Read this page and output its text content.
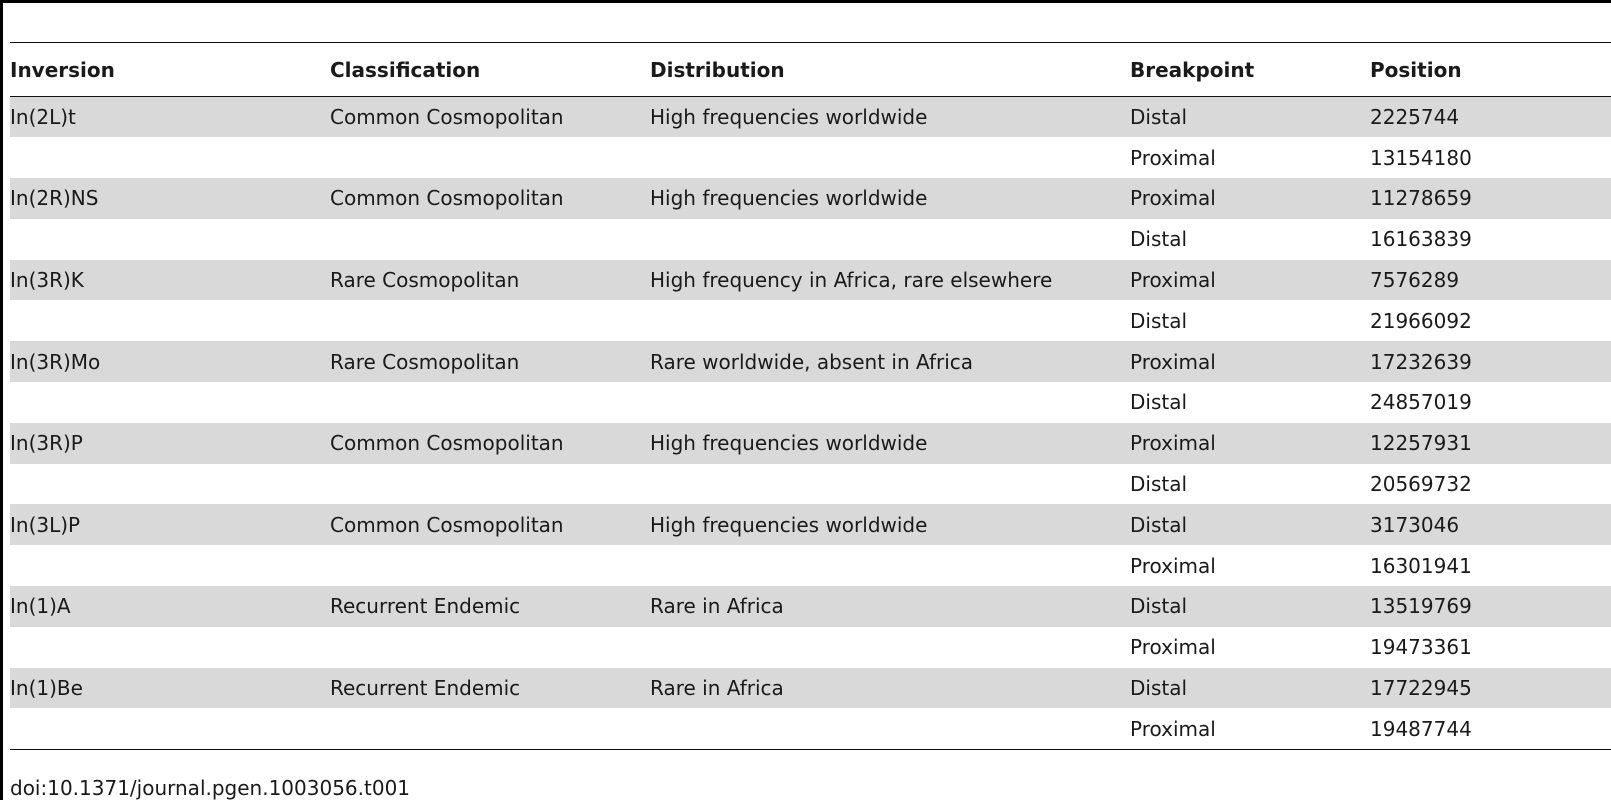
Inversion	Classification	Distribution	Breakpoint	Position
In(2L)t	Common Cosmopolitan	High frequencies worldwide	Distal	2225744
			Proximal	13154180
In(2R)NS	Common Cosmopolitan	High frequencies worldwide	Proximal	11278659
			Distal	16163839
In(3R)K	Rare Cosmopolitan	High frequency in Africa, rare elsewhere	Proximal	7576289
			Distal	21966092
In(3R)Mo	Rare Cosmopolitan	Rare worldwide, absent in Africa	Proximal	17232639
			Distal	24857019
In(3R)P	Common Cosmopolitan	High frequencies worldwide	Proximal	12257931
			Distal	20569732
In(3L)P	Common Cosmopolitan	High frequencies worldwide	Distal	3173046
			Proximal	16301941
In(1)A	Recurrent Endemic	Rare in Africa	Distal	13519769
			Proximal	19473361
In(1)Be	Recurrent Endemic	Rare in Africa	Distal	17722945
			Proximal	19487744
doi:10.1371/journal.pgen.1003056.t001
